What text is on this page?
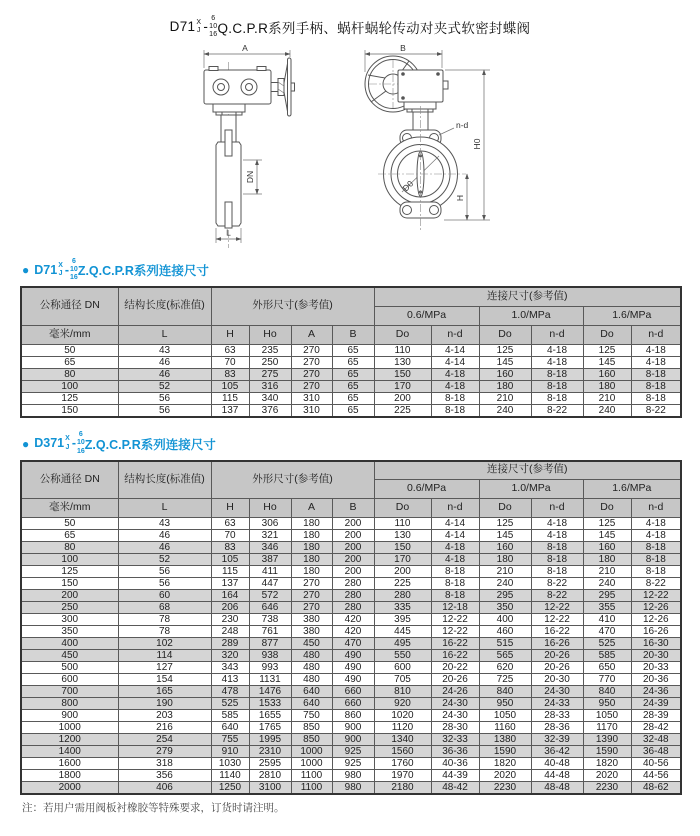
D71 X
J -
6
10
16 Q.C.P.R系列手柄、蜗杆蜗轮传动对夹式软密封蝶阀
A
DN
L
B
D0
n-d
H0
H
● D71 X
J -
6
10
16 Z.Q.C.P.R系列连接尺寸
公称通径 DN	结构长度(标准值)	外形尺寸(参考值)				连接尺寸(参考值)					
						0.6/MPa		1.0/MPa		1.6/MPa	
毫米/mm	L	H	Ho	A	B	Do	n-d	Do	n-d	Do	n-d
50	43	63	235	270	65	110	4-14	125	4-18	125	4-18
65	46	70	250	270	65	130	4-14	145	4-18	145	4-18
80	46	83	275	270	65	150	4-18	160	8-18	160	8-18
100	52	105	316	270	65	170	4-18	180	8-18	180	8-18
125	56	115	340	310	65	200	8-18	210	8-18	210	8-18
150	56	137	376	310	65	225	8-18	240	8-22	240	8-22
● D371 X
J -
6
10
16 Z.Q.C.P.R系列连接尺寸
公称通径 DN	结构长度(标准值)	外形尺寸(参考值)				连接尺寸(参考值)					
						0.6/MPa		1.0/MPa		1.6/MPa	
毫米/mm	L	H	Ho	A	B	Do	n-d	Do	n-d	Do	n-d
50	43	63	306	180	200	110	4-14	125	4-18	125	4-18
65	46	70	321	180	200	130	4-14	145	4-18	145	4-18
80	46	83	346	180	200	150	4-18	160	8-18	160	8-18
100	52	105	387	180	200	170	4-18	180	8-18	180	8-18
125	56	115	411	180	200	200	8-18	210	8-18	210	8-18
150	56	137	447	270	280	225	8-18	240	8-22	240	8-22
200	60	164	572	270	280	280	8-18	295	8-22	295	12-22
250	68	206	646	270	280	335	12-18	350	12-22	355	12-26
300	78	230	738	380	420	395	12-22	400	12-22	410	12-26
350	78	248	761	380	420	445	12-22	460	16-22	470	16-26
400	102	289	877	450	470	495	16-22	515	16-26	525	16-30
450	114	320	938	480	490	550	16-22	565	20-26	585	20-30
500	127	343	993	480	490	600	20-22	620	20-26	650	20-33
600	154	413	1131	480	490	705	20-26	725	20-30	770	20-36
700	165	478	1476	640	660	810	24-26	840	24-30	840	24-36
800	190	525	1533	640	660	920	24-30	950	24-33	950	24-39
900	203	585	1655	750	860	1020	24-30	1050	28-33	1050	28-39
1000	216	640	1765	850	900	1120	28-30	1160	28-36	1170	28-42
1200	254	755	1995	850	900	1340	32-33	1380	32-39	1390	32-48
1400	279	910	2310	1000	925	1560	36-36	1590	36-42	1590	36-48
1600	318	1030	2595	1000	925	1760	40-36	1820	40-48	1820	40-56
1800	356	1140	2810	1100	980	1970	44-39	2020	44-48	2020	44-56
2000	406	1250	3100	1100	980	2180	48-42	2230	48-48	2230	48-62
注：若用户需用阀板衬橡胶等特殊要求，订货时请注明。
